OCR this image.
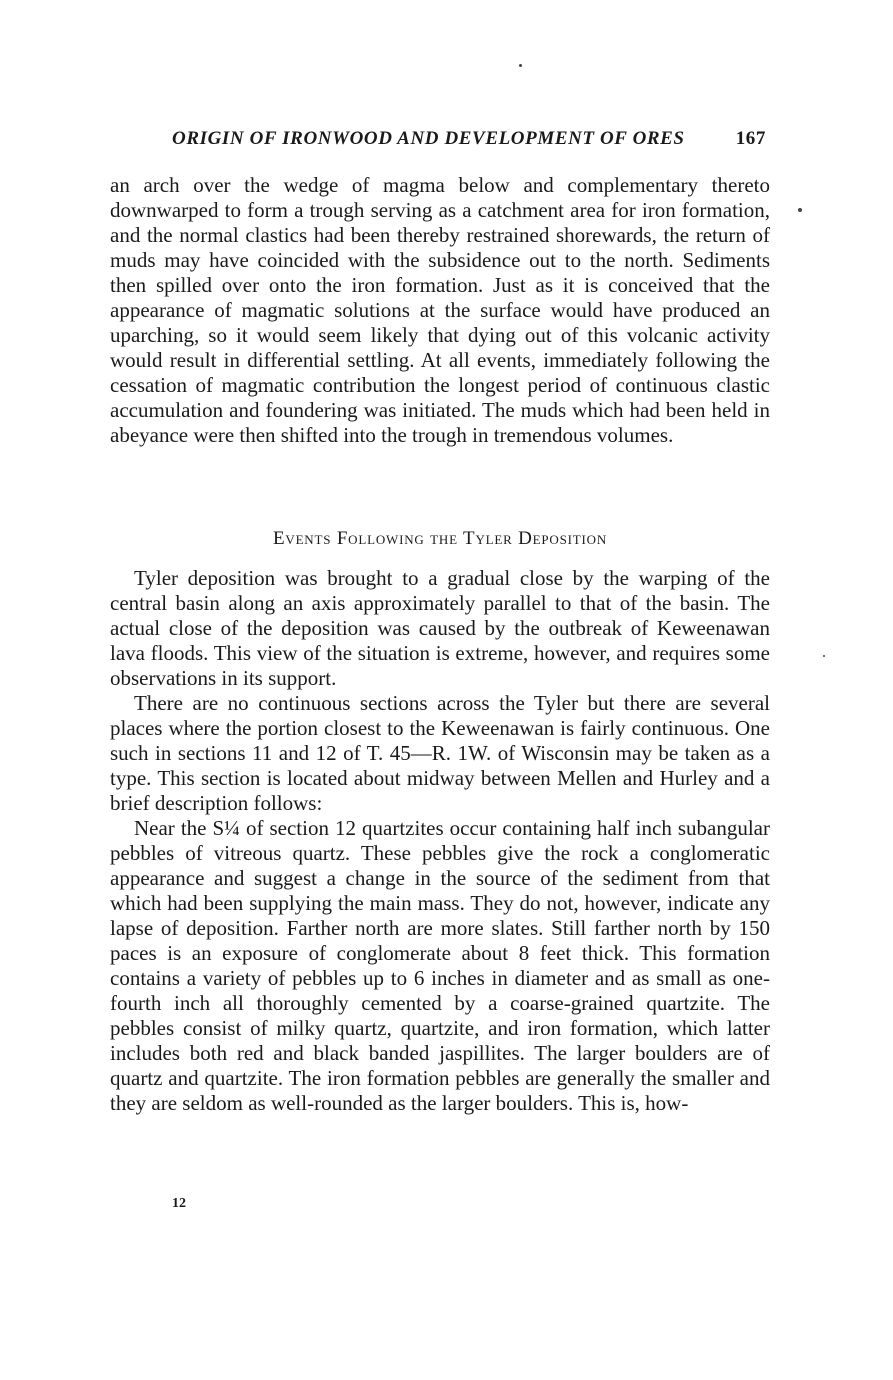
ORIGIN OF IRONWOOD AND DEVELOPMENT OF ORES	167

an arch over the wedge of magma below and complementary thereto downwarped to form a trough serving as a catchment area for iron formation, and the normal clastics had been thereby restrained shorewards, the return of muds may have coincided with the subsidence out to the north. Sediments then spilled over onto the iron formation. Just as it is conceived that the appearance of magmatic solutions at the surface would have produced an uparching, so it would seem likely that dying out of this volcanic activity would result in differential settling. At all events, immediately following the cessation of magmatic contribution the longest period of continuous clastic accumulation and foundering was initiated. The muds which had been held in abeyance were then shifted into the trough in tremendous volumes.

Events Following the Tyler Deposition

Tyler deposition was brought to a gradual close by the warping of the central basin along an axis approximately parallel to that of the basin. The actual close of the deposition was caused by the outbreak of Keweenawan lava floods. This view of the situation is extreme, however, and requires some observations in its support.

There are no continuous sections across the Tyler but there are several places where the portion closest to the Keweenawan is fairly continuous. One such in sections 11 and 12 of T. 45—R. 1W. of Wisconsin may be taken as a type. This section is located about midway between Mellen and Hurley and a brief description follows:

Near the S¼ of section 12 quartzites occur containing half inch subangular pebbles of vitreous quartz. These pebbles give the rock a conglomeratic appearance and suggest a change in the source of the sediment from that which had been supplying the main mass. They do not, however, indicate any lapse of deposition. Farther north are more slates. Still farther north by 150 paces is an exposure of conglomerate about 8 feet thick. This formation contains a variety of pebbles up to 6 inches in diameter and as small as one-fourth inch all thoroughly cemented by a coarse-grained quartzite. The pebbles consist of milky quartz, quartzite, and iron formation, which latter includes both red and black banded jaspillites. The larger boulders are of quartz and quartzite. The iron formation pebbles are generally the smaller and they are seldom as well-rounded as the larger boulders. This is, how-

12
